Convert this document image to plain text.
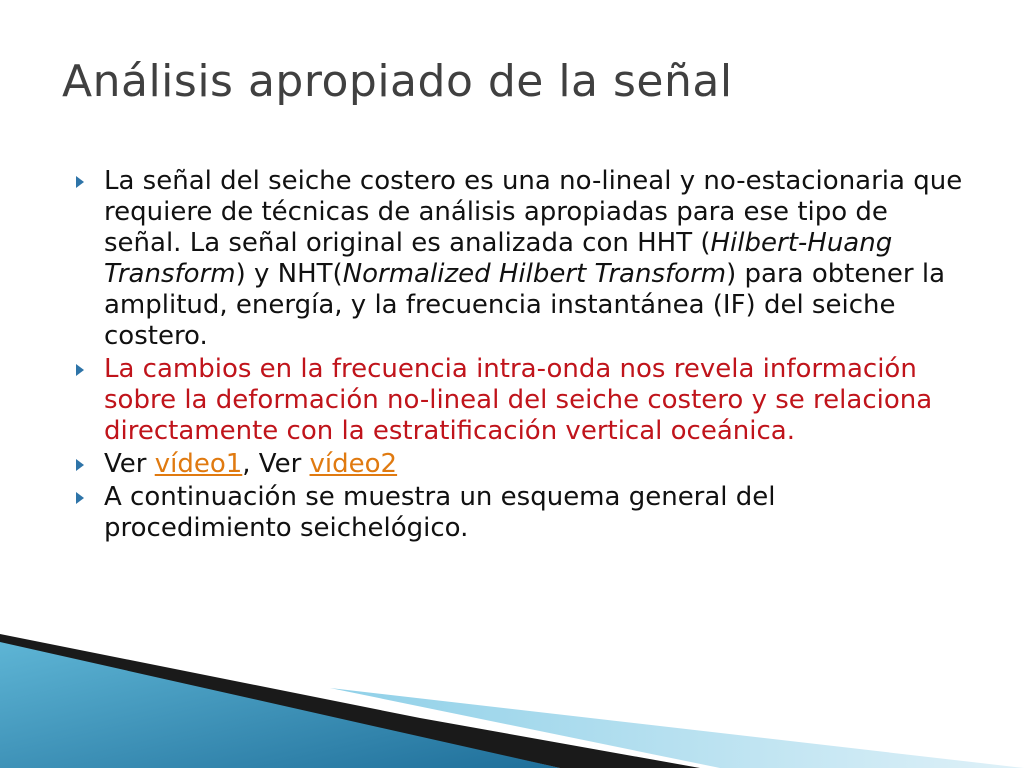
Análisis apropiado de la señal
La señal del seiche costero es una no-lineal y no-estacionaria que requiere de técnicas de análisis apropiadas para ese tipo de señal. La señal original es analizada con HHT (Hilbert-Huang Transform) y NHT(Normalized Hilbert Transform) para obtener la amplitud, energía, y la frecuencia instantánea (IF) del seiche costero.
La cambios en la frecuencia intra-onda nos revela información sobre la deformación no-lineal del seiche costero y se relaciona directamente con la estratificación vertical oceánica.
Ver vídeo1, Ver vídeo2
A continuación se muestra un esquema general del procedimiento seichelógico.
